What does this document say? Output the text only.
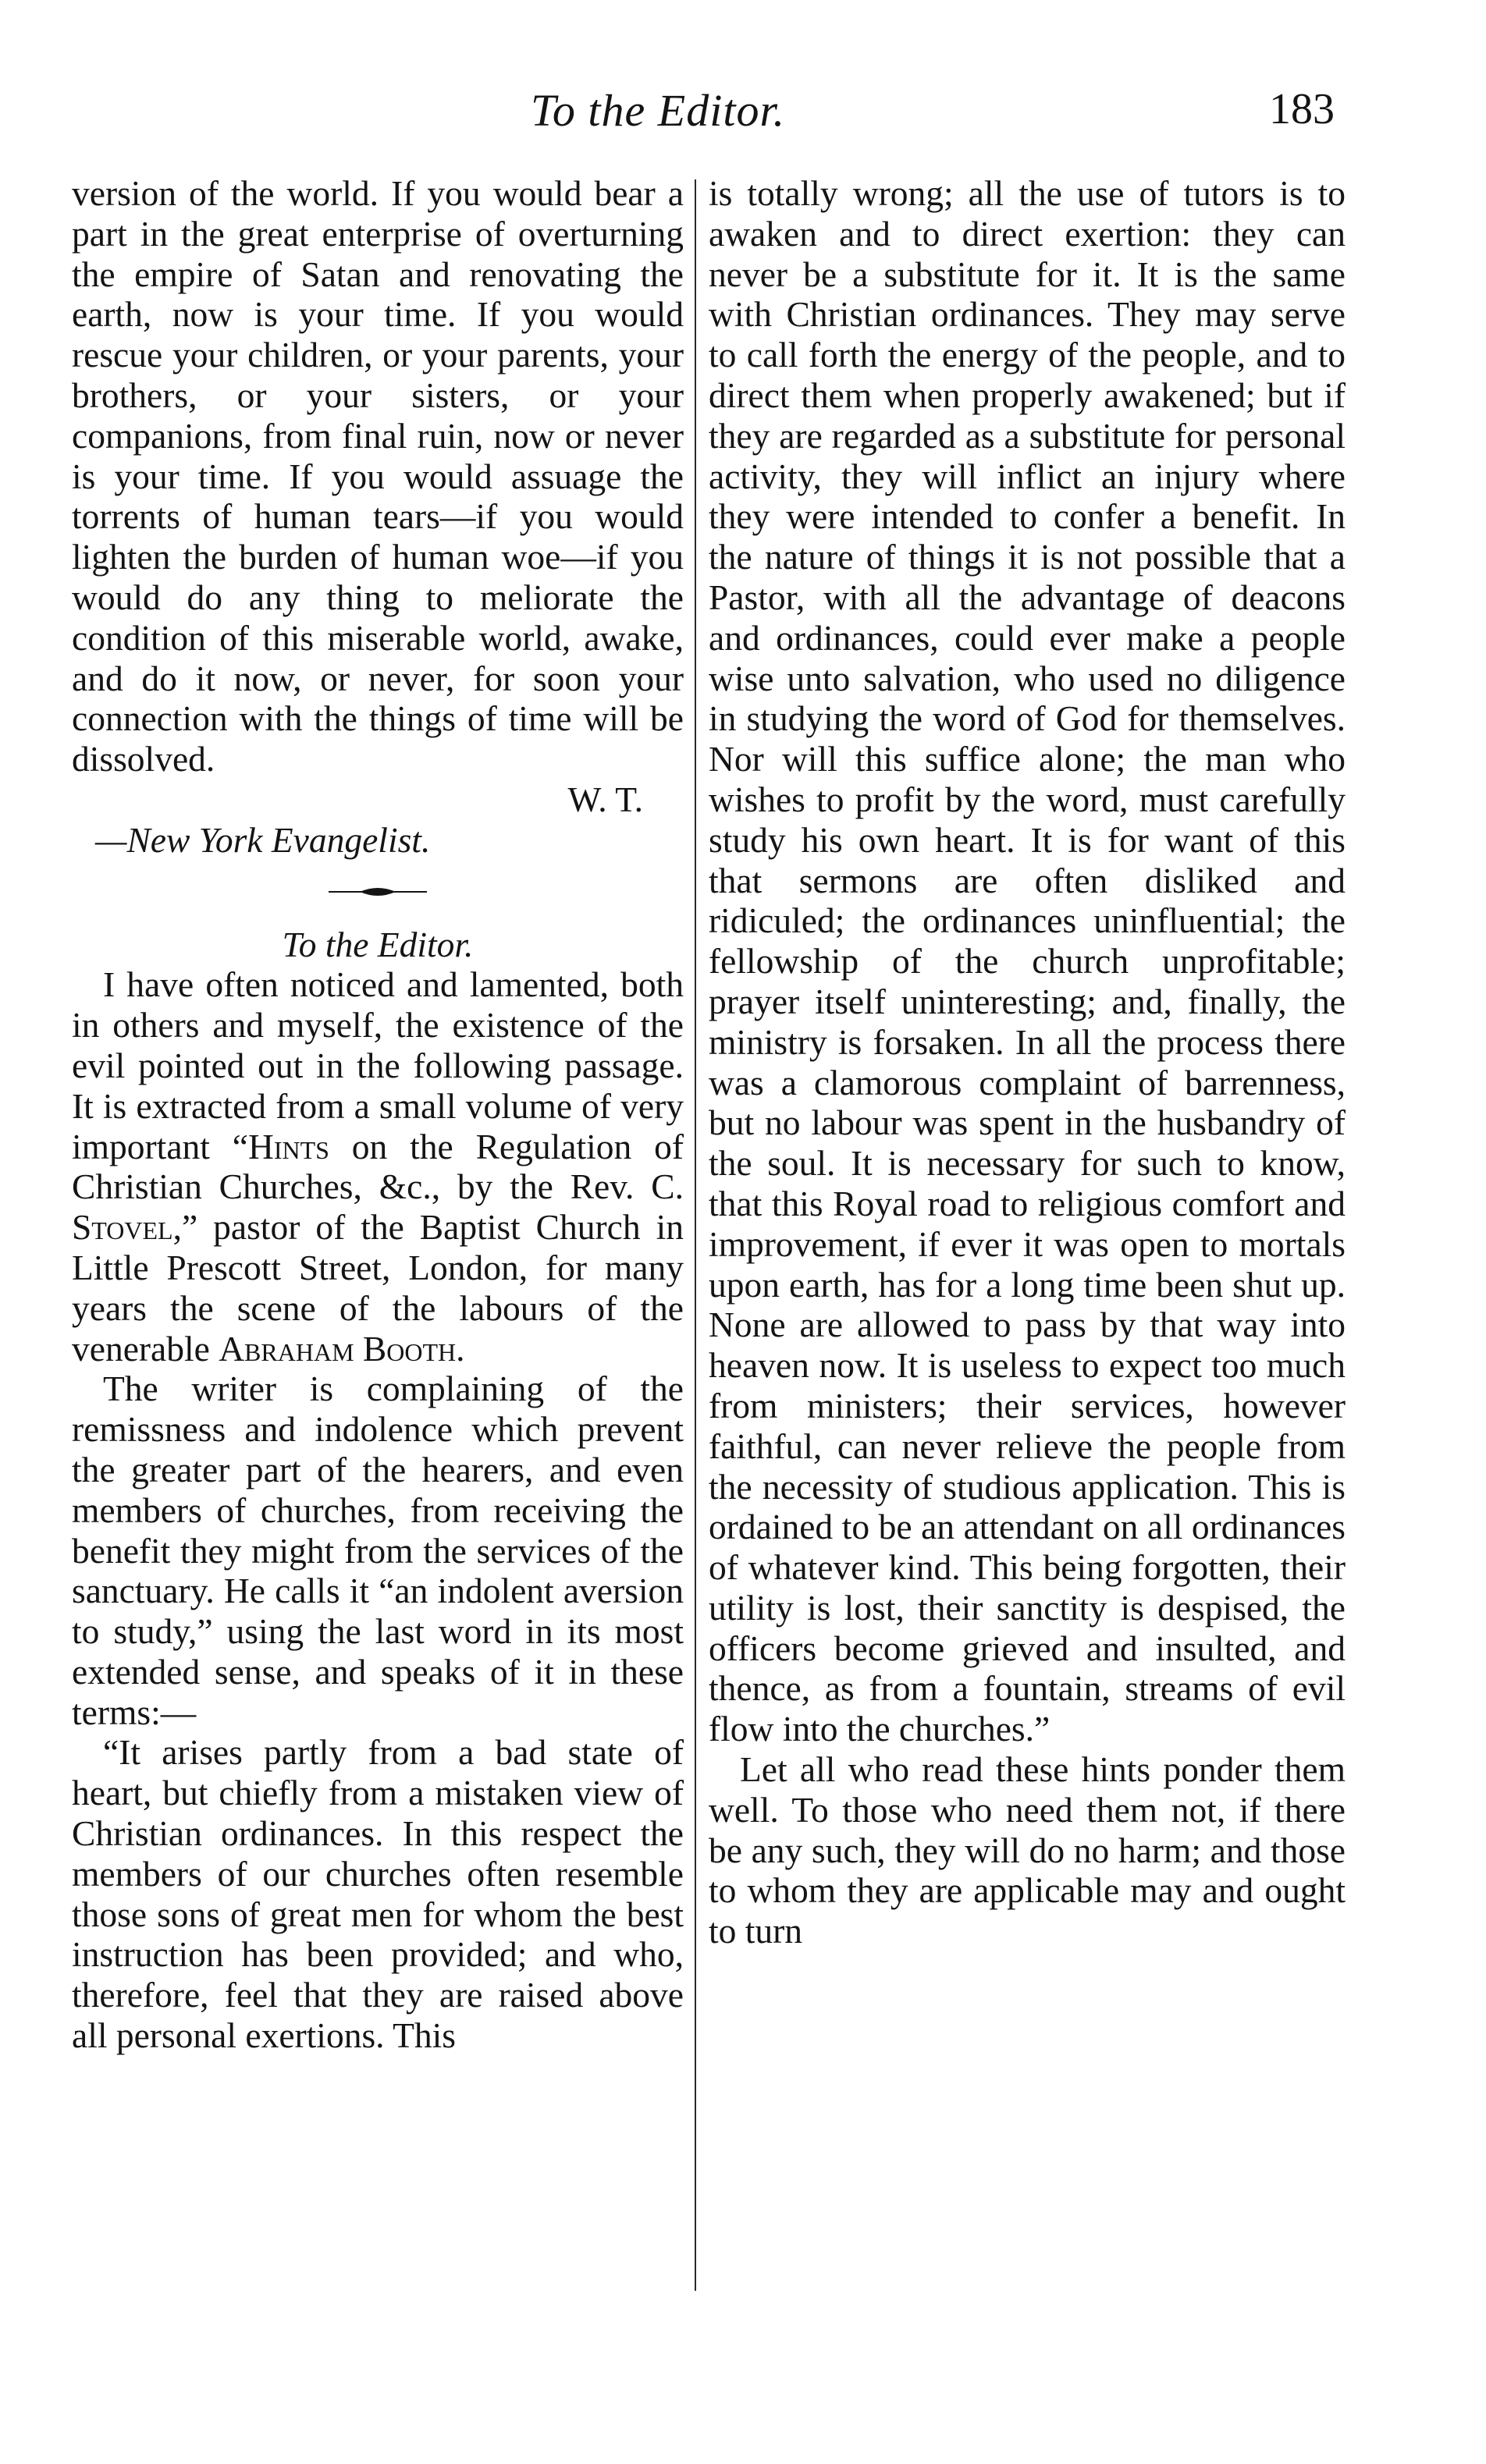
To the Editor.	183

version of the world. If you would bear a part in the great enterprise of overturning the empire of Satan and renovating the earth, now is your time. If you would rescue your children, or your parents, your brothers, or your sisters, or your companions, from final ruin, now or never is your time. If you would assuage the torrents of human tears—if you would lighten the burden of human woe—if you would do any thing to meliorate the condition of this miserable world, awake, and do it now, or never, for soon your connection with the things of time will be dissolved.

W. T.

—New York Evangelist.

To the Editor.

I have often noticed and lamented, both in others and myself, the existence of the evil pointed out in the following passage. It is extracted from a small volume of very important “Hints on the Regulation of Christian Churches, &c., by the Rev. C. Stovel,” pastor of the Baptist Church in Little Prescott Street, London, for many years the scene of the labours of the venerable Abraham Booth.

The writer is complaining of the remissness and indolence which prevent the greater part of the hearers, and even members of churches, from receiving the benefit they might from the services of the sanctuary. He calls it “an indolent aversion to study,” using the last word in its most extended sense, and speaks of it in these terms:—

“It arises partly from a bad state of heart, but chiefly from a mistaken view of Christian ordinances. In this respect the members of our churches often resemble those sons of great men for whom the best instruction has been provided; and who, therefore, feel that they are raised above all personal exertions. This

is totally wrong; all the use of tutors is to awaken and to direct exertion: they can never be a substitute for it. It is the same with Christian ordinances. They may serve to call forth the energy of the people, and to direct them when properly awakened; but if they are regarded as a substitute for personal activity, they will inflict an injury where they were intended to confer a benefit. In the nature of things it is not possible that a Pastor, with all the advantage of deacons and ordinances, could ever make a people wise unto salvation, who used no diligence in studying the word of God for themselves. Nor will this suffice alone; the man who wishes to profit by the word, must carefully study his own heart. It is for want of this that sermons are often disliked and ridiculed; the ordinances uninfluential; the fellowship of the church unprofitable; prayer itself uninteresting; and, finally, the ministry is forsaken. In all the process there was a clamorous complaint of barrenness, but no labour was spent in the husbandry of the soul. It is necessary for such to know, that this Royal road to religious comfort and improvement, if ever it was open to mortals upon earth, has for a long time been shut up. None are allowed to pass by that way into heaven now. It is useless to expect too much from ministers; their services, however faithful, can never relieve the people from the necessity of studious application. This is ordained to be an attendant on all ordinances of whatever kind. This being forgotten, their utility is lost, their sanctity is despised, the officers become grieved and insulted, and thence, as from a fountain, streams of evil flow into the churches.”

Let all who read these hints ponder them well. To those who need them not, if there be any such, they will do no harm; and those to whom they are applicable may and ought to turn
